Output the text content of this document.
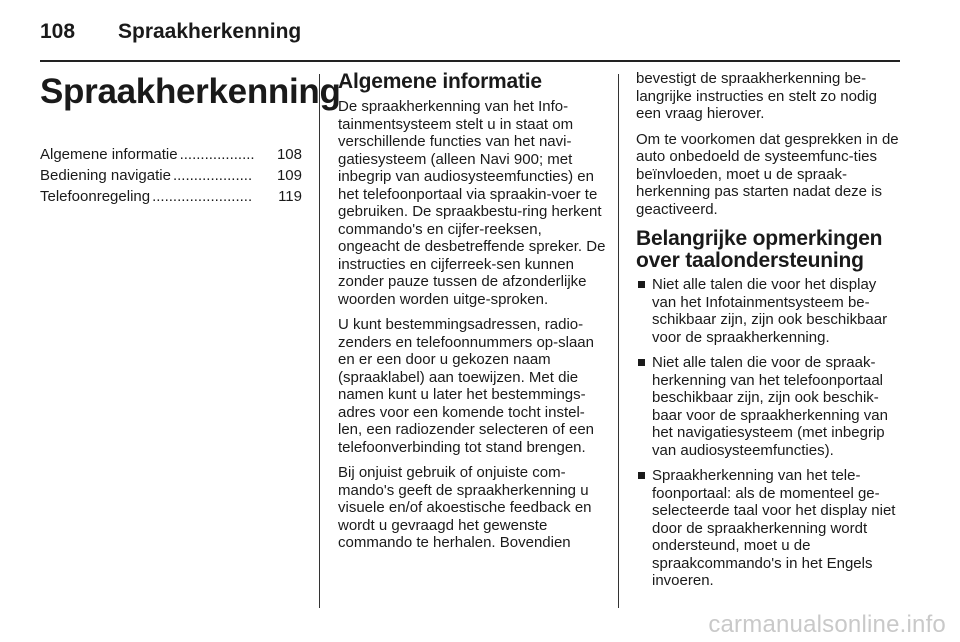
108 Spraakherkenning
Spraakherkenning
Algemene informatie ..................	108
Bediening navigatie ...................	109
Telefoonregeling ........................	119
Algemene informatie

De spraakherkenning van het Info-tainmentsysteem stelt u in staat om verschillende functies van het navi-gatiesysteem (alleen Navi 900; met inbegrip van audiosysteemfuncties) en het telefoonportaal via spraakin-voer te gebruiken. De spraakbestu-ring herkent commando's en cijfer-reeksen, ongeacht de desbetreffende spreker. De instructies en cijferreek-sen kunnen zonder pauze tussen de afzonderlijke woorden worden uitge-sproken.

U kunt bestemmingsadressen, radio-zenders en telefoonnummers op-slaan en er een door u gekozen naam (spraaklabel) aan toewijzen. Met die namen kunt u later het bestemmings-adres voor een komende tocht instel-len, een radiozender selecteren of een telefoonverbinding tot stand brengen.

Bij onjuist gebruik of onjuiste com-mando's geeft de spraakherkenning u visuele en/of akoestische feedback en wordt u gevraagd het gewenste commando te herhalen. Bovendien

bevestigt de spraakherkenning be-langrijke instructies en stelt zo nodig een vraag hierover.

Om te voorkomen dat gesprekken in de auto onbedoeld de systeemfunc-ties beïnvloeden, moet u de spraak-herkenning pas starten nadat deze is geactiveerd.

Belangrijke opmerkingen over taalondersteuning
Niet alle talen die voor het display van het Infotainmentsysteem be-schikbaar zijn, zijn ook beschikbaar voor de spraakherkenning.
Niet alle talen die voor de spraak-herkenning van het telefoonportaal beschikbaar zijn, zijn ook beschik-baar voor de spraakherkenning van het navigatiesysteem (met inbegrip van audiosysteemfuncties).
Spraakherkenning van het tele-foonportaal: als de momenteel ge-selecteerde taal voor het display niet door de spraakherkenning wordt ondersteund, moet u de spraakcommando's in het Engels invoeren.
carmanualsonline.info
